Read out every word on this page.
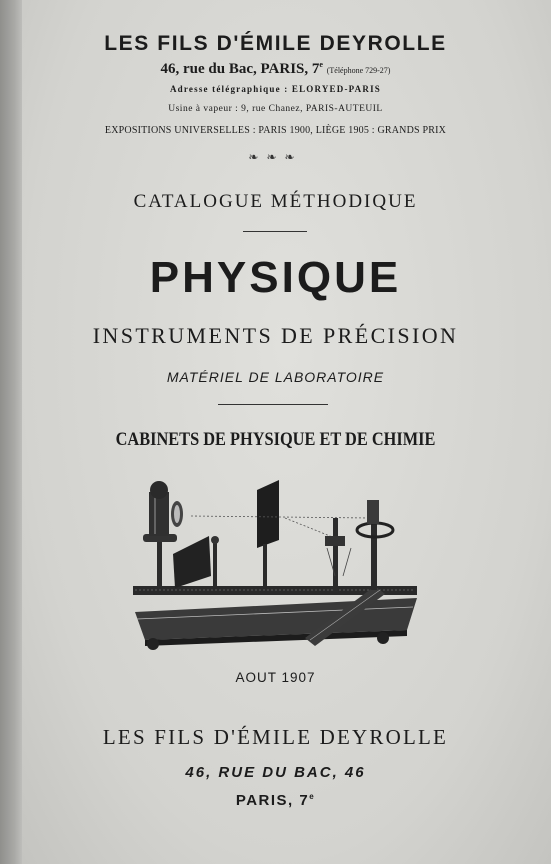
LES FILS D'ÉMILE DEYROLLE
46, rue du Bac, PARIS, 7e (Téléphone 729-27)
Adresse télégraphique : ELORYED-PARIS
Usine à vapeur : 9, rue Chanez, PARIS-AUTEUIL
EXPOSITIONS UNIVERSELLES : PARIS 1900, LIÈGE 1905 : GRANDS PRIX
❧❧❧
CATALOGUE MÉTHODIQUE
PHYSIQUE
INSTRUMENTS DE PRÉCISION
MATÉRIEL DE LABORATOIRE
CABINETS DE PHYSIQUE ET DE CHIMIE
AOUT 1907
LES FILS D'ÉMILE DEYROLLE
46, RUE DU BAC, 46
PARIS, 7e
